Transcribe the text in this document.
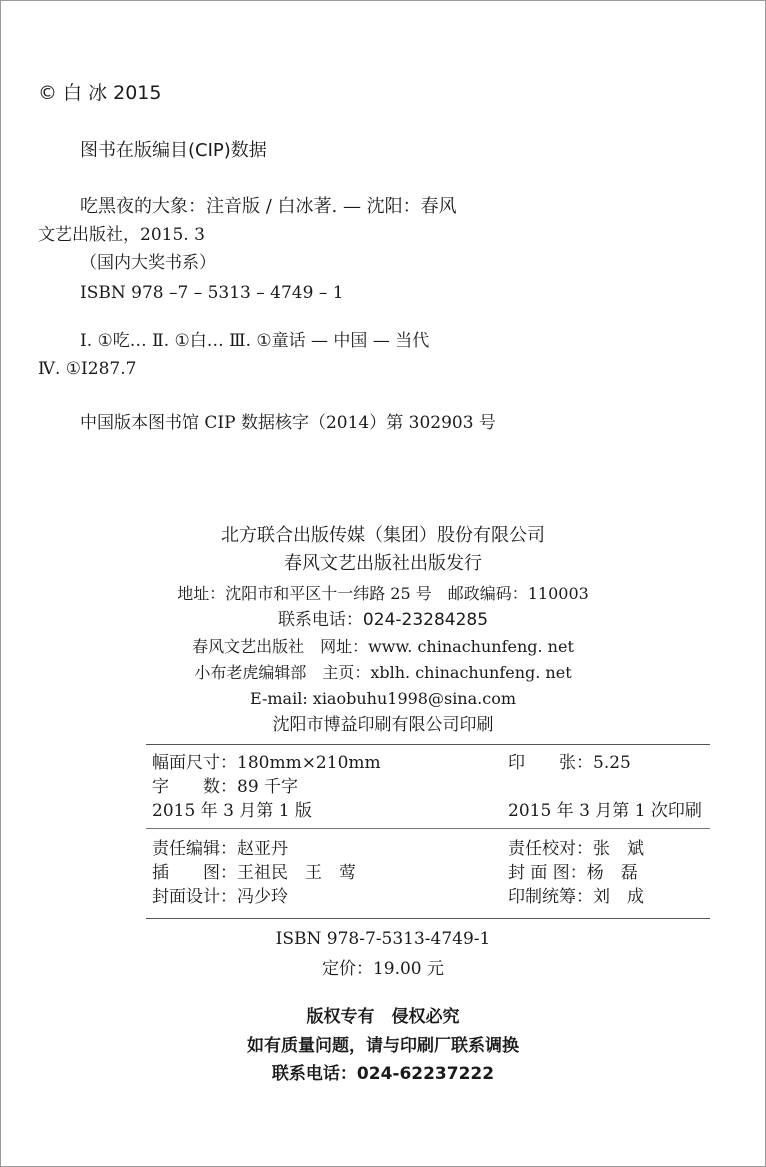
© 白 冰 2015
图书在版编目(CIP)数据
吃黑夜的大象：注音版 / 白冰著. — 沈阳：春风
文艺出版社，2015. 3
（国内大奖书系）
ISBN 978 –7 – 5313 – 4749 – 1
Ⅰ. ①吃… Ⅱ. ①白… Ⅲ. ①童话 — 中国 — 当代
Ⅳ. ①I287.7
中国版本图书馆 CIP 数据核字（2014）第 302903 号
北方联合出版传媒（集团）股份有限公司
春风文艺出版社出版发行
地址：沈阳市和平区十一纬路 25 号　邮政编码：110003
联系电话：024-23284285
春风文艺出版社　网址：www. chinachunfeng. net
小布老虎编辑部　主页：xblh. chinachunfeng. net
E-mail: xiaobuhu1998@sina.com
沈阳市博益印刷有限公司印刷
幅面尺寸：180mm×210mm	印　　张：5.25
字　　数：89 千字
2015 年 3 月第 1 版	2015 年 3 月第 1 次印刷
责任编辑：赵亚丹	责任校对：张　斌
插　　图：王祖民　王　莺	封 面 图：杨　磊
封面设计：冯少玲	印制统筹：刘　成
ISBN 978-7-5313-4749-1
定价：19.00 元
版权专有　侵权必究
如有质量问题，请与印刷厂联系调换
联系电话：024-62237222
